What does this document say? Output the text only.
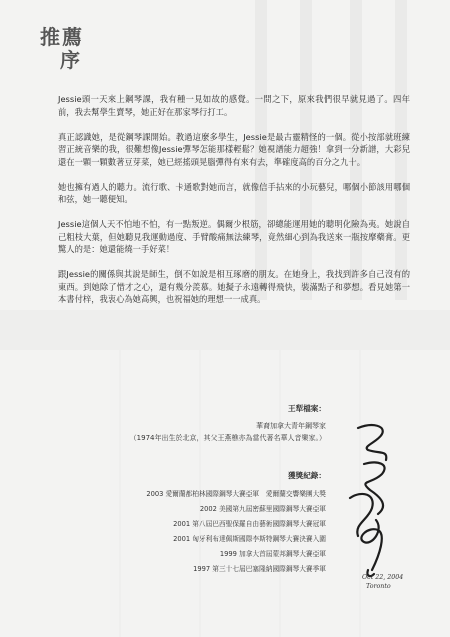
推薦
序

Jessie頭一天來上鋼琴課，我有種一見如故的感覺。一問之下，原來我們很早就見過了。四年前，我去幫學生賣琴，她正好在那家琴行打工。

真正認識她，是從鋼琴課開始。教過這麼多學生，Jessie是最古靈精怪的一個。從小按部就班練習正統音樂的我，很難想像Jessie彈琴怎能那樣輕鬆？她視譜能力超強！拿到一分新譜，大彩兒還在一顆一顆數著豆芽菜，她已經搖頭晃腦彈得有來有去，準確度高的百分之九十。

她也擁有過人的聽力。流行歌、卡通歌對她而言，就像信手拈來的小玩藝兒，哪個小節該用哪個和弦，她一聽便知。

Jessie這個人天不怕地不怕，有一點叛逆。偶爾少根筋，卻總能運用她的聰明化險為夷。她說自己粗枝大葉，但她聽見我運動過度、手臂酸痛無法練琴，竟然細心到為我送來一瓶按摩藥膏。更驚人的是：她還能燒一手好菜！

跟Jessie的關係與其說是師生，倒不如說是相互琢磨的朋友。在她身上，我找到許多自己沒有的東西。到她除了惜才之心，還有幾分羨慕。她擬子永遠轉得飛快，裝滿點子和夢想。看見她第一本書付梓，我衷心為她高興，也祝福她的理想一一成真。

王犁檔案：
華裔加拿大青年鋼琴家
（1974年出生於北京，其父王燕樵亦為當代著名華人音樂家。）
獲獎紀錄：
2003 愛爾蘭都柏林國際鋼琴大賽亞軍　愛爾蘭交響樂團大獎
2002 美國第九屆密蘇里國際鋼琴大賽亞軍
2001 第八屆巴西聖保羅自由藝術國際鋼琴大賽冠軍
2001 匈牙利布達佩斯國際李斯特鋼琴大賽決賽入圍
1999 加拿大首屆蒙邦鋼琴大賽亞軍
1997 第三十七屆巴塞隆納國際鋼琴大賽季軍
Oct 22, 2004
Toronto
